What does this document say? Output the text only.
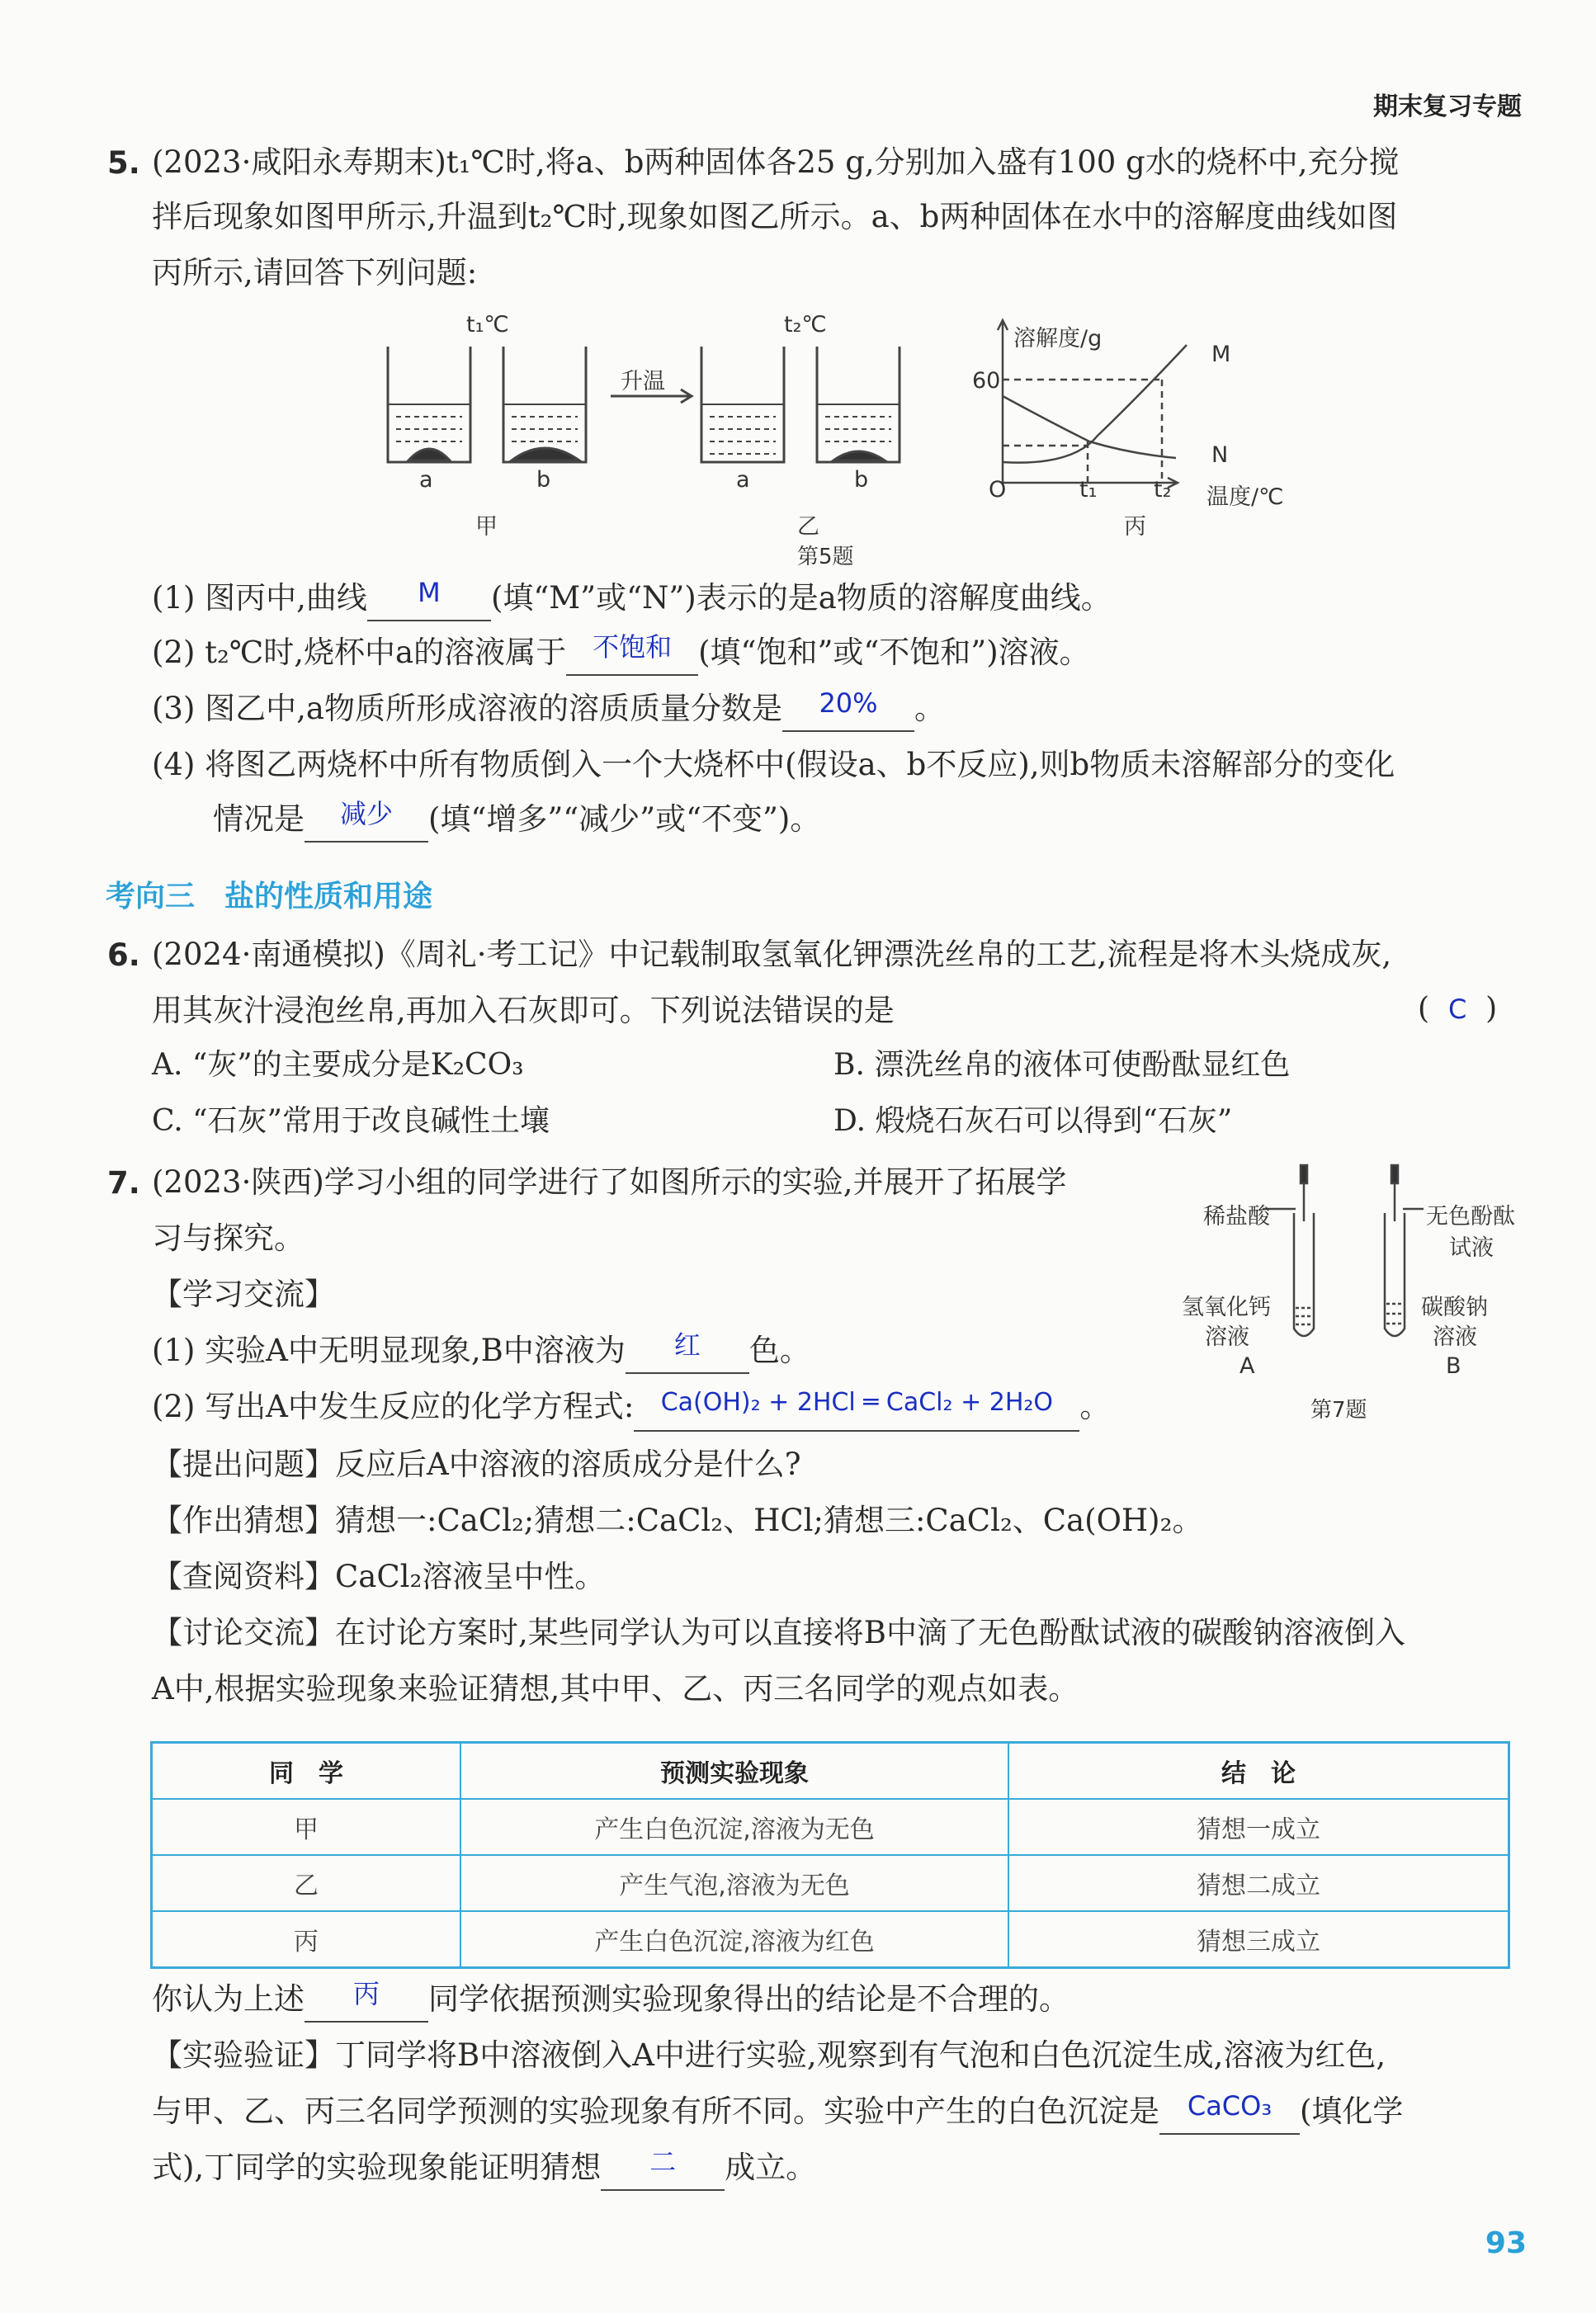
期末复习专题
5. (2023·咸阳永寿期末)t₁℃时,将a、b两种固体各25 g,分别加入盛有100 g水的烧杯中,充分搅
拌后现象如图甲所示,升温到t₂℃时,现象如图乙所示。a、b两种固体在水中的溶解度曲线如图
丙所示,请回答下列问题:
t₁℃	t₂℃
升温
a	b	a	b
甲	乙	丙
溶解度/g
温度/℃
60
O	t₁	t₂
M
N
第5题
(1) 图丙中,曲线 M (填“M”或“N”)表示的是a物质的溶解度曲线。
(2) t₂℃时,烧杯中a的溶液属于 不饱和 (填“饱和”或“不饱和”)溶液。
(3) 图乙中,a物质所形成溶液的溶质质量分数是 20% 。
(4) 将图乙两烧杯中所有物质倒入一个大烧杯中(假设a、b不反应),则b物质未溶解部分的变化
情况是 减少 (填“增多”“减少”或“不变”)。
考向三 盐的性质和用途
6. (2024·南通模拟)《周礼·考工记》中记载制取氢氧化钾漂洗丝帛的工艺,流程是将木头烧成灰,
用其灰汁浸泡丝帛,再加入石灰即可。下列说法错误的是	( C )
A. “灰”的主要成分是K₂CO₃	B. 漂洗丝帛的液体可使酚酞显红色
C. “石灰”常用于改良碱性土壤	D. 煅烧石灰石可以得到“石灰”
7. (2023·陕西)学习小组的同学进行了如图所示的实验,并展开了拓展学
习与探究。
【学习交流】
(1) 实验A中无明显现象,B中溶液为 红 色。
(2) 写出A中发生反应的化学方程式: Ca(OH)₂ + 2HCl ═ CaCl₂ + 2H₂O 。
稀盐酸	无色酚酞
试液
氢氧化钙
溶液
碳酸钠
溶液
A	B
第7题
【提出问题】反应后A中溶液的溶质成分是什么?
【作出猜想】猜想一:CaCl₂;猜想二:CaCl₂、HCl;猜想三:CaCl₂、Ca(OH)₂。
【查阅资料】CaCl₂溶液呈中性。
【讨论交流】在讨论方案时,某些同学认为可以直接将B中滴了无色酚酞试液的碳酸钠溶液倒入
A中,根据实验现象来验证猜想,其中甲、乙、丙三名同学的观点如表。
同　学	预测实验现象	结　论
甲	产生白色沉淀,溶液为无色	猜想一成立
乙	产生气泡,溶液为无色	猜想二成立
丙	产生白色沉淀,溶液为红色	猜想三成立
你认为上述 丙 同学依据预测实验现象得出的结论是不合理的。
【实验验证】丁同学将B中溶液倒入A中进行实验,观察到有气泡和白色沉淀生成,溶液为红色,
与甲、乙、丙三名同学预测的实验现象有所不同。实验中产生的白色沉淀是 CaCO₃ (填化学
式),丁同学的实验现象能证明猜想 二 成立。
93
